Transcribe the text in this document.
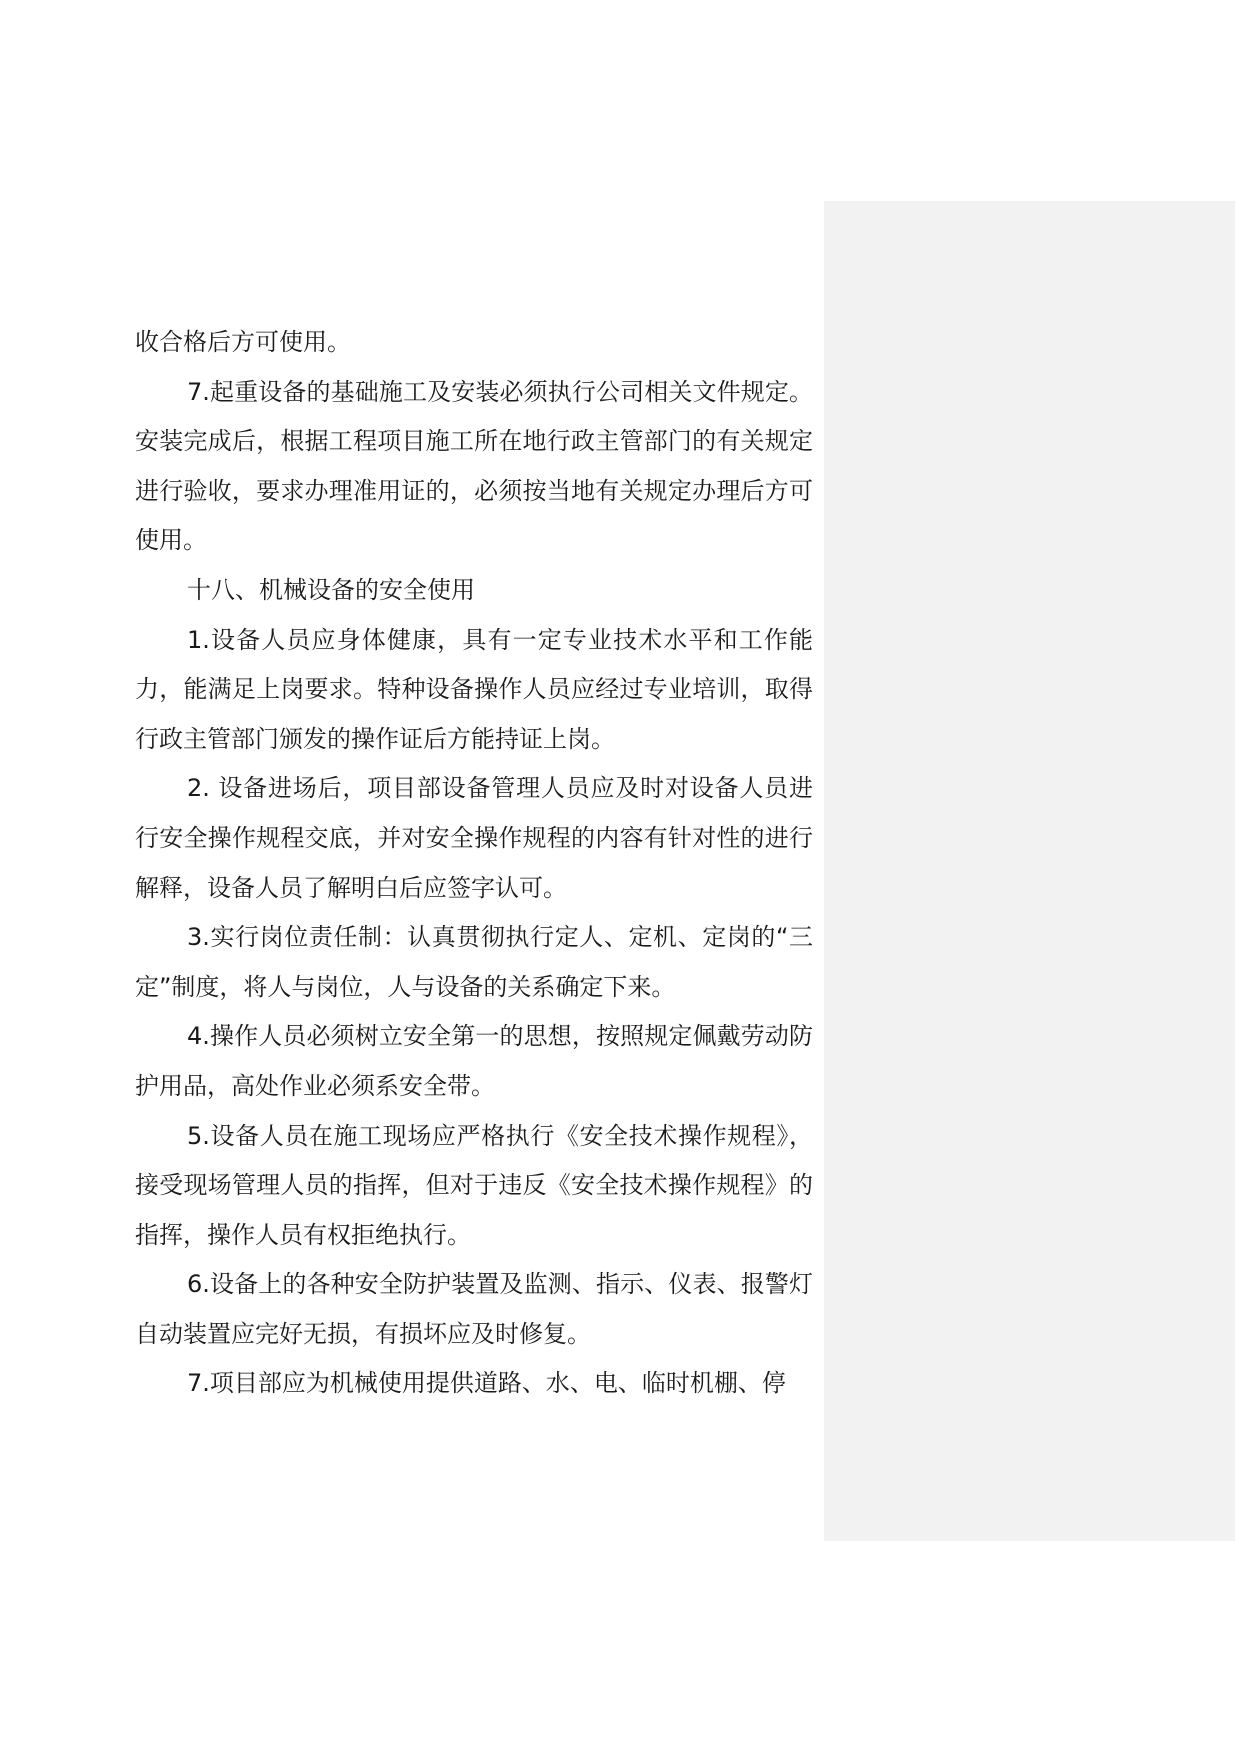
收合格后方可使用。

7.起重设备的基础施工及安装必须执行公司相关文件规定。安装完成后，根据工程项目施工所在地行政主管部门的有关规定进行验收，要求办理准用证的，必须按当地有关规定办理后方可使用。

十八、机械设备的安全使用

1.设备人员应身体健康，具有一定专业技术水平和工作能力，能满足上岗要求。特种设备操作人员应经过专业培训，取得行政主管部门颁发的操作证后方能持证上岗。

2. 设备进场后，项目部设备管理人员应及时对设备人员进行安全操作规程交底，并对安全操作规程的内容有针对性的进行解释，设备人员了解明白后应签字认可。

3.实行岗位责任制：认真贯彻执行定人、定机、定岗的“三定”制度，将人与岗位，人与设备的关系确定下来。

4.操作人员必须树立安全第一的思想，按照规定佩戴劳动防护用品，高处作业必须系安全带。

5.设备人员在施工现场应严格执行《安全技术操作规程》，接受现场管理人员的指挥，但对于违反《安全技术操作规程》的指挥，操作人员有权拒绝执行。

6.设备上的各种安全防护装置及监测、指示、仪表、报警灯自动装置应完好无损，有损坏应及时修复。

7.项目部应为机械使用提供道路、水、电、临时机棚、停
